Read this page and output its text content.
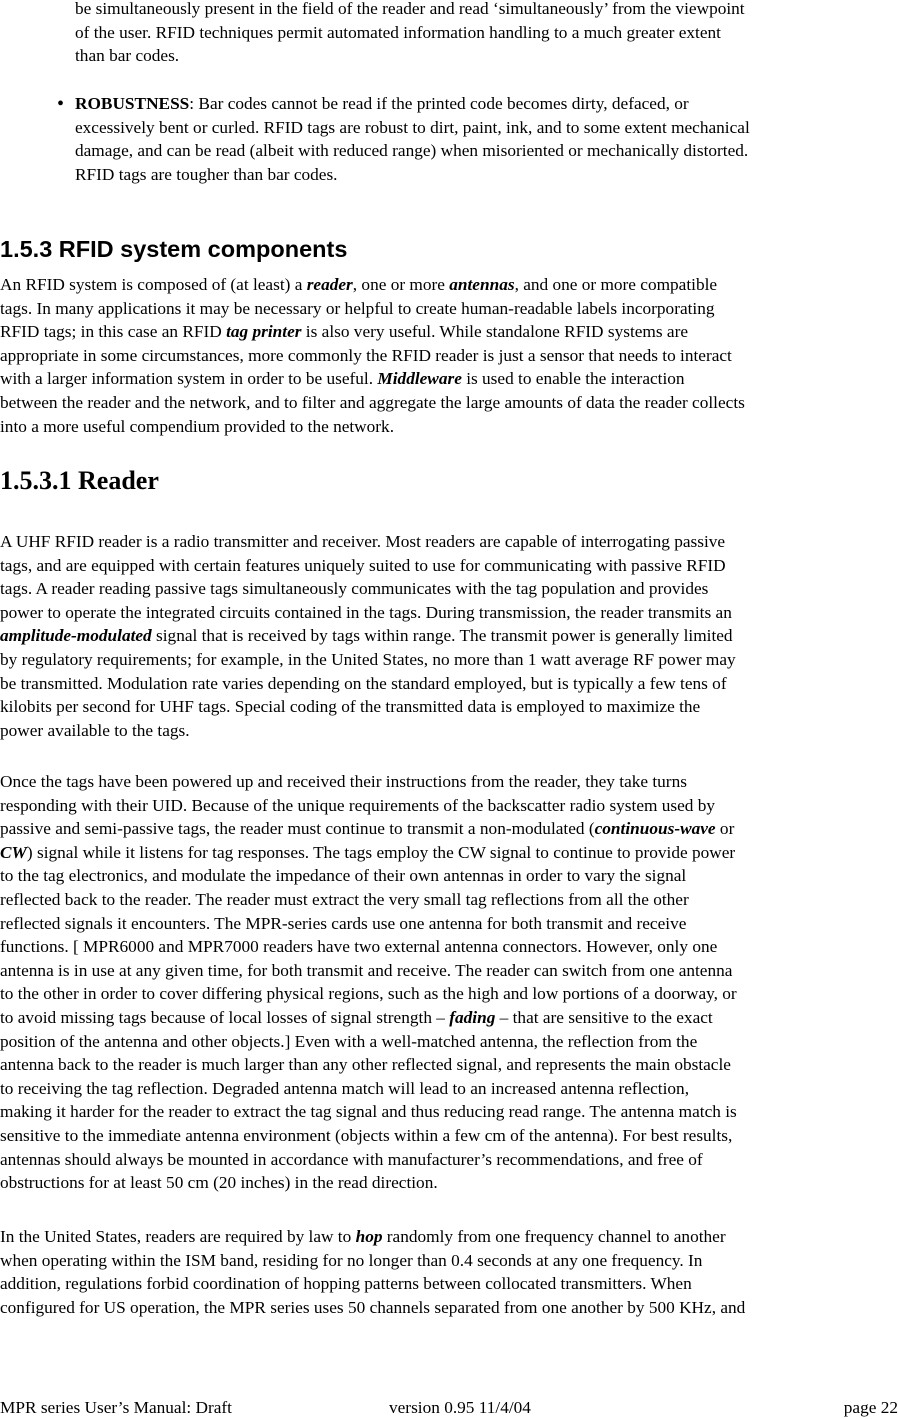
be simultaneously present in the field of the reader and read ‘simultaneously’ from the viewpoint
of the user. RFID techniques permit automated information handling to a much greater extent
than bar codes.
• ROBUSTNESS: Bar codes cannot be read if the printed code becomes dirty, defaced, or
excessively bent or curled. RFID tags are robust to dirt, paint, ink, and to some extent mechanical
damage, and can be read (albeit with reduced range) when misoriented or mechanically distorted.
RFID tags are tougher than bar codes.
1.5.3 RFID system components
An RFID system is composed of (at least) a reader, one or more antennas, and one or more compatible
tags. In many applications it may be necessary or helpful to create human-readable labels incorporating
RFID tags; in this case an RFID tag printer is also very useful. While standalone RFID systems are
appropriate in some circumstances, more commonly the RFID reader is just a sensor that needs to interact
with a larger information system in order to be useful. Middleware is used to enable the interaction
between the reader and the network, and to filter and aggregate the large amounts of data the reader collects
into a more useful compendium provided to the network.
1.5.3.1 Reader
A UHF RFID reader is a radio transmitter and receiver. Most readers are capable of interrogating passive
tags, and are equipped with certain features uniquely suited to use for communicating with passive RFID
tags. A reader reading passive tags simultaneously communicates with the tag population and provides
power to operate the integrated circuits contained in the tags. During transmission, the reader transmits an
amplitude-modulated signal that is received by tags within range. The transmit power is generally limited
by regulatory requirements; for example, in the United States, no more than 1 watt average RF power may
be transmitted. Modulation rate varies depending on the standard employed, but is typically a few tens of
kilobits per second for UHF tags. Special coding of the transmitted data is employed to maximize the
power available to the tags.
Once the tags have been powered up and received their instructions from the reader, they take turns
responding with their UID. Because of the unique requirements of the backscatter radio system used by
passive and semi-passive tags, the reader must continue to transmit a non-modulated (continuous-wave or
CW) signal while it listens for tag responses. The tags employ the CW signal to continue to provide power
to the tag electronics, and modulate the impedance of their own antennas in order to vary the signal
reflected back to the reader. The reader must extract the very small tag reflections from all the other
reflected signals it encounters. The MPR-series cards use one antenna for both transmit and receive
functions. [ MPR6000 and MPR7000 readers have two external antenna connectors. However, only one
antenna is in use at any given time, for both transmit and receive. The reader can switch from one antenna
to the other in order to cover differing physical regions, such as the high and low portions of a doorway, or
to avoid missing tags because of local losses of signal strength – fading – that are sensitive to the exact
position of the antenna and other objects.] Even with a well-matched antenna, the reflection from the
antenna back to the reader is much larger than any other reflected signal, and represents the main obstacle
to receiving the tag reflection. Degraded antenna match will lead to an increased antenna reflection,
making it harder for the reader to extract the tag signal and thus reducing read range. The antenna match is
sensitive to the immediate antenna environment (objects within a few cm of the antenna). For best results,
antennas should always be mounted in accordance with manufacturer’s recommendations, and free of
obstructions for at least 50 cm (20 inches) in the read direction.
In the United States, readers are required by law to hop randomly from one frequency channel to another
when operating within the ISM band, residing for no longer than 0.4 seconds at any one frequency. In
addition, regulations forbid coordination of hopping patterns between collocated transmitters. When
configured for US operation, the MPR series uses 50 channels separated from one another by 500 KHz, and
MPR series User’s Manual: Draft	version 0.95 11/4/04	page 22
